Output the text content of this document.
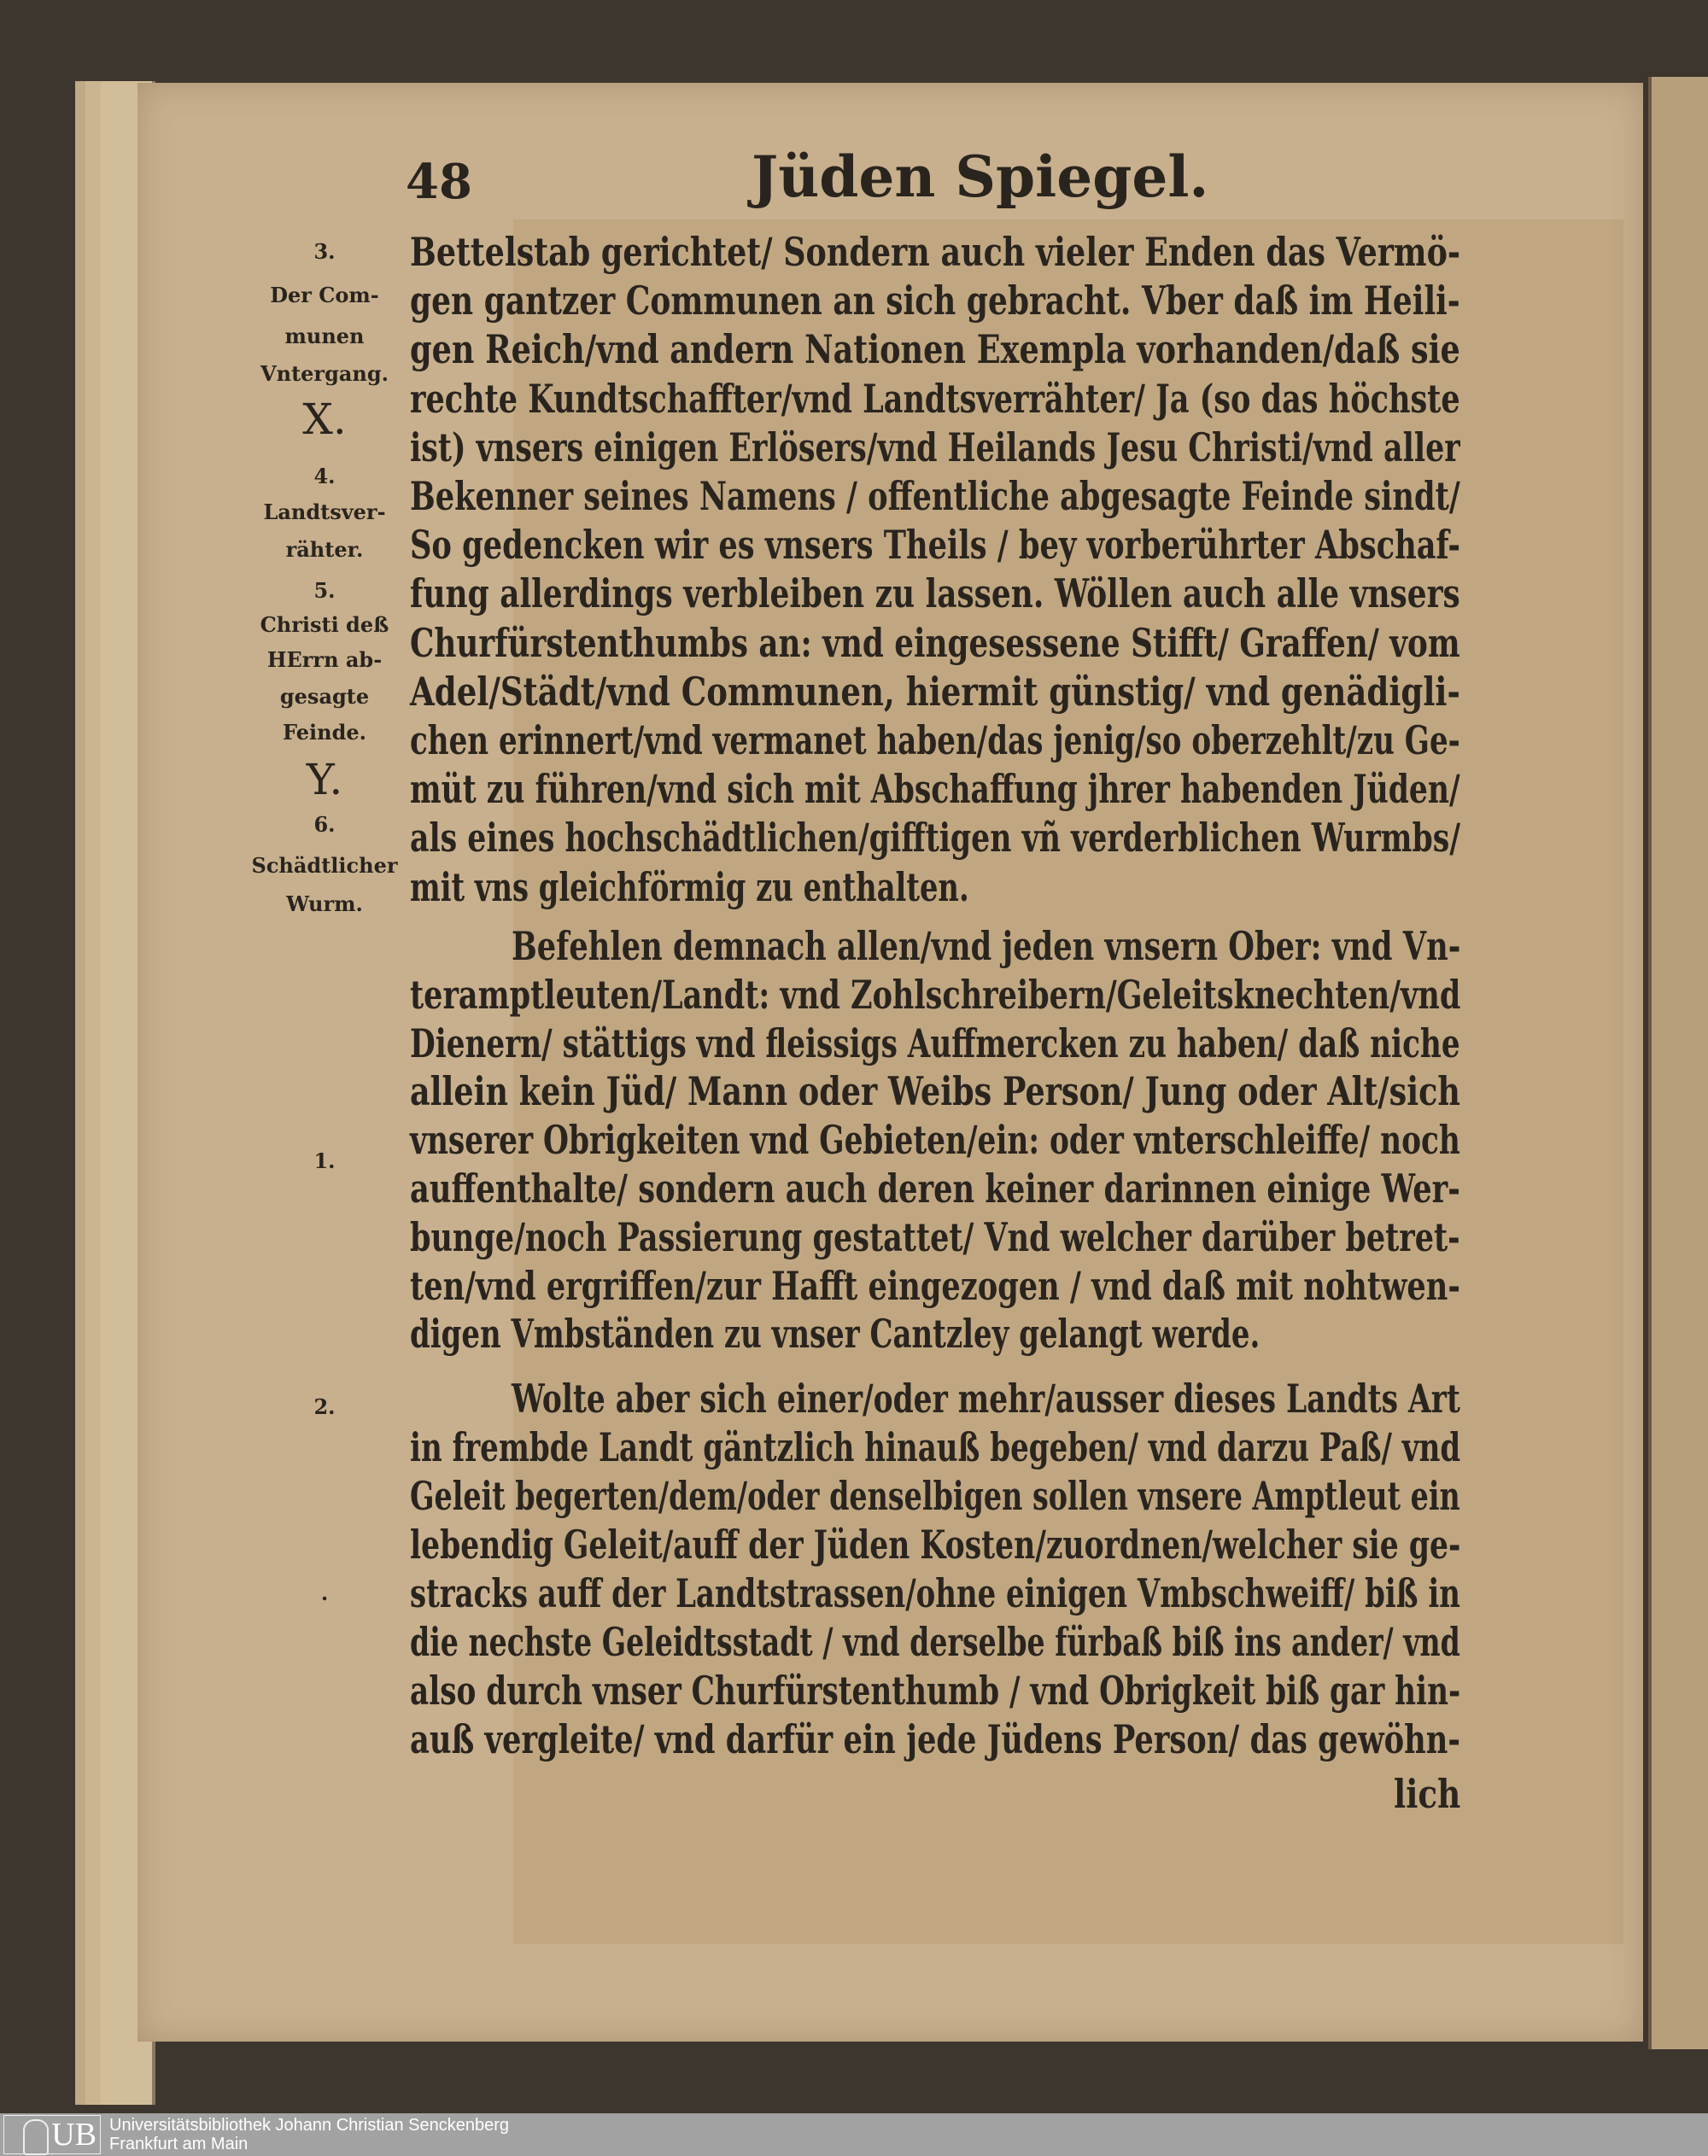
48	Jüden Spiegel.
Bettelstab gerichtet/ Sondern auch vieler Enden das Vermö-
gen gantzer Communen an sich gebracht. Vber daß im Heili-
gen Reich/vnd andern Nationen Exempla vorhanden/daß sie
rechte Kundtschaffter/vnd Landtsverrähter/ Ja (so das höchste
ist) vnsers einigen Erlösers/vnd Heilands Jesu Christi/vnd aller
Bekenner seines Namens / offentliche abgesagte Feinde sindt/
So gedencken wir es vnsers Theils / bey vorberührter Abschaf-
fung allerdings verbleiben zu lassen. Wöllen auch alle vnsers
Churfürstenthumbs an: vnd eingesessene Stifft/ Graffen/ vom
Adel/Städt/vnd Communen, hiermit günstig/ vnd genädigli-
chen erinnert/vnd vermanet haben/das jenig/so oberzehlt/zu Ge-
müt zu führen/vnd sich mit Abschaffung jhrer habenden Jüden/
als eines hochschädtlichen/gifftigen vñ verderblichen Wurmbs/
mit vns gleichförmig zu enthalten.
Befehlen demnach allen/vnd jeden vnsern Ober: vnd Vn-
teramptleuten/Landt: vnd Zohlschreibern/Geleitsknechten/vnd
Dienern/ stättigs vnd fleissigs Auffmercken zu haben/ daß niche
allein kein Jüd/ Mann oder Weibs Person/ Jung oder Alt/sich
vnserer Obrigkeiten vnd Gebieten/ein: oder vnterschleiffe/ noch
auffenthalte/ sondern auch deren keiner darinnen einige Wer-
bunge/noch Passierung gestattet/ Vnd welcher darüber betret-
ten/vnd ergriffen/zur Hafft eingezogen / vnd daß mit nohtwen-
digen Vmbständen zu vnser Cantzley gelangt werde.
Wolte aber sich einer/oder mehr/ausser dieses Landts Art
in frembde Landt gäntzlich hinauß begeben/ vnd darzu Paß/ vnd
Geleit begerten/dem/oder denselbigen sollen vnsere Amptleut ein
lebendig Geleit/auff der Jüden Kosten/zuordnen/welcher sie ge-
stracks auff der Landtstrassen/ohne einigen Vmbschweiff/ biß in
die nechste Geleidtsstadt / vnd derselbe fürbaß biß ins ander/ vnd
also durch vnser Churfürstenthumb / vnd Obrigkeit biß gar hin-
auß vergleite/ vnd darfür ein jede Jüdens Person/ das gewöhn-
lich
3.
Der Com-
munen
Vntergang.
X.
4.
Landtsver-
rähter.
5.
Christi deß
HErrn ab-
gesagte
Feinde.
Y.
6.
Schädtlicher
Wurm.
1.
2.
.
UB Universitätsbibliothek Johann Christian Senckenberg
Frankfurt am Main
